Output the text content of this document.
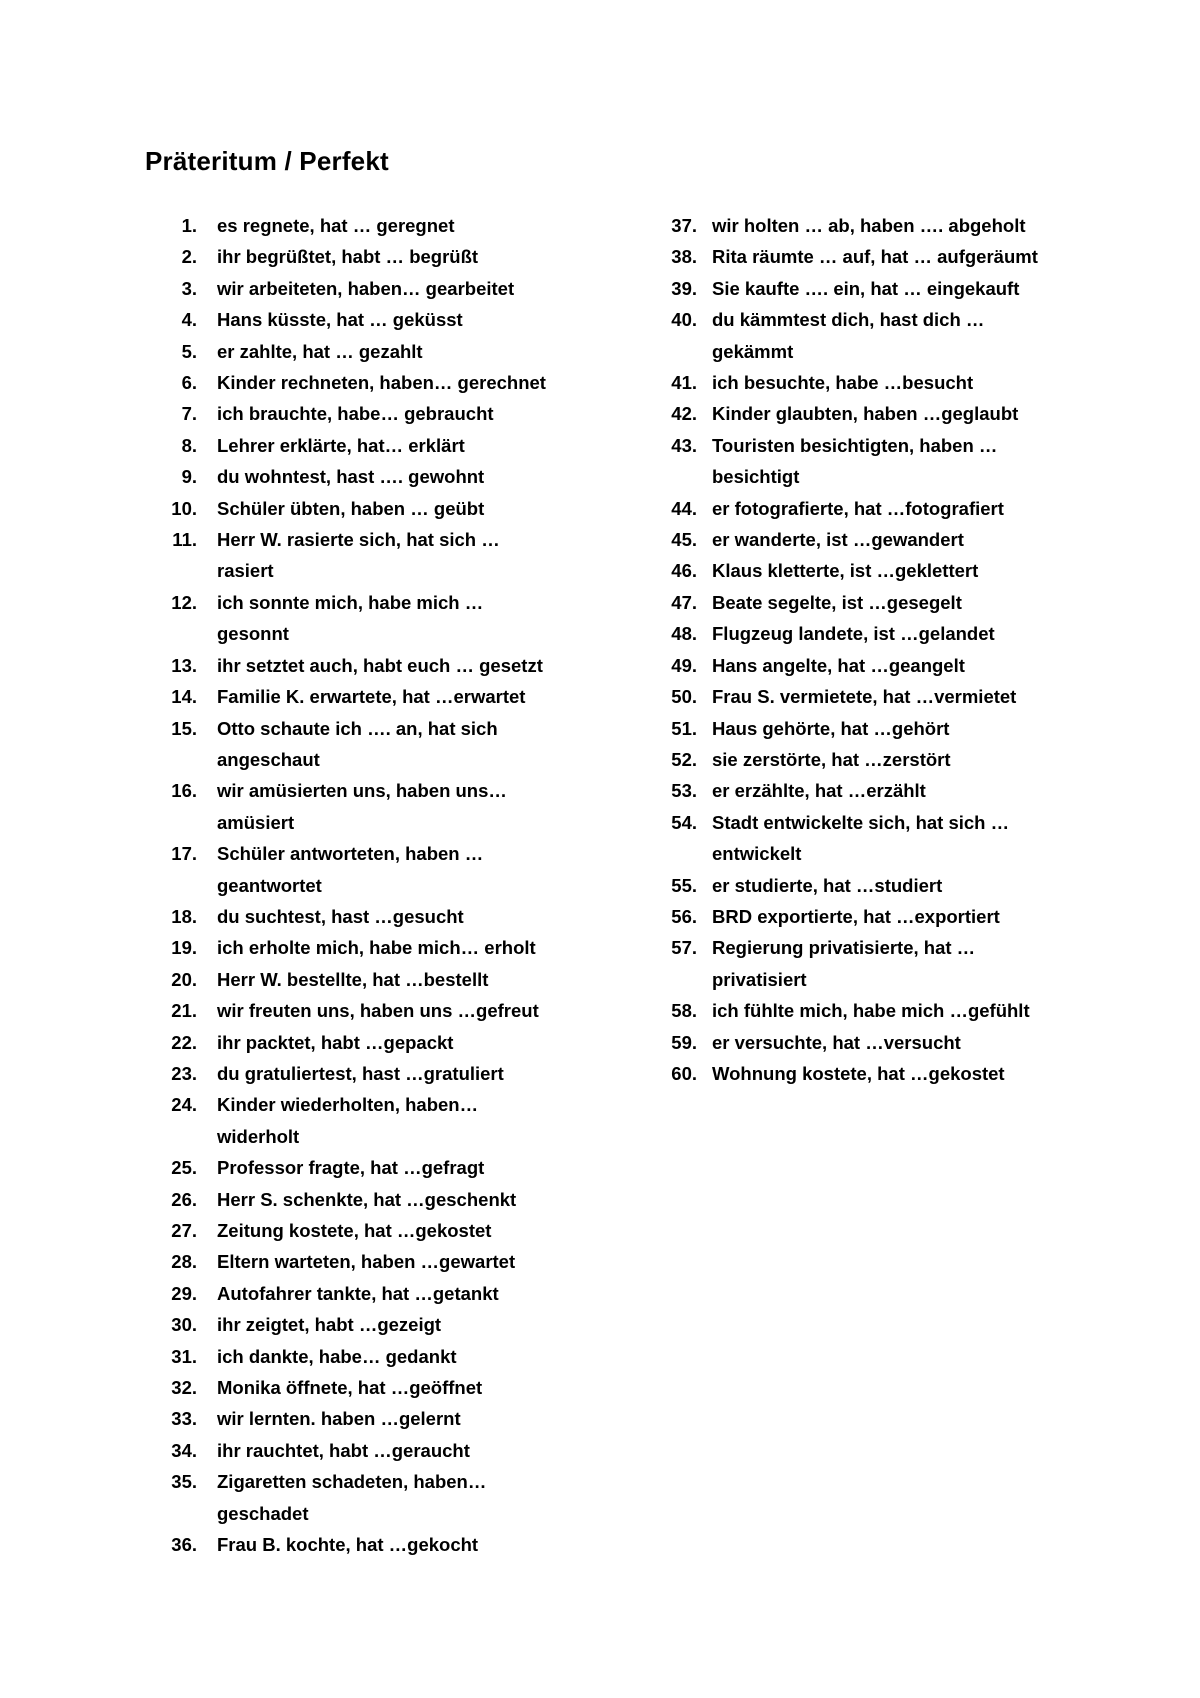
Präteritum / Perfekt
1. es regnete, hat … geregnet
2. ihr begrüßtet, habt … begrüßt
3. wir arbeiteten, haben… gearbeitet
4. Hans küsste, hat … geküsst
5. er zahlte, hat … gezahlt
6. Kinder rechneten, haben… gerechnet
7. ich brauchte, habe… gebraucht
8. Lehrer erklärte, hat… erklärt
9. du wohntest, hast …. gewohnt
10. Schüler übten, haben … geübt
11. Herr W. rasierte sich, hat sich …
rasiert
12. ich sonnte mich, habe mich …
gesonnt
13. ihr setztet auch, habt euch … gesetzt
14. Familie K. erwartete, hat …erwartet
15. Otto schaute ich …. an, hat sich
angeschaut
16. wir amüsierten uns, haben uns…
amüsiert
17. Schüler antworteten, haben …
geantwortet
18. du suchtest, hast …gesucht
19. ich erholte mich, habe mich… erholt
20. Herr W. bestellte, hat …bestellt
21. wir freuten uns, haben uns …gefreut
22. ihr packtet, habt …gepackt
23. du gratuliertest, hast …gratuliert
24. Kinder wiederholten, haben…
widerholt
25. Professor fragte, hat …gefragt
26. Herr S. schenkte, hat …geschenkt
27. Zeitung kostete, hat …gekostet
28. Eltern warteten, haben …gewartet
29. Autofahrer tankte, hat …getankt
30. ihr zeigtet, habt …gezeigt
31. ich dankte, habe… gedankt
32. Monika öffnete, hat …geöffnet
33. wir lernten. haben …gelernt
34. ihr rauchtet, habt …geraucht
35. Zigaretten schadeten, haben…
geschadet
36. Frau B. kochte, hat …gekocht
37. wir holten … ab, haben …. abgeholt
38. Rita räumte … auf, hat … aufgeräumt
39. Sie kaufte …. ein, hat … eingekauft
40. du kämmtest dich, hast dich …
gekämmt
41. ich besuchte, habe …besucht
42. Kinder glaubten, haben …geglaubt
43. Touristen besichtigten, haben …
besichtigt
44. er fotografierte, hat …fotografiert
45. er wanderte, ist …gewandert
46. Klaus kletterte, ist …geklettert
47. Beate segelte, ist …gesegelt
48. Flugzeug landete, ist …gelandet
49. Hans angelte, hat …geangelt
50. Frau S. vermietete, hat …vermietet
51. Haus gehörte, hat …gehört
52. sie zerstörte, hat …zerstört
53. er erzählte, hat …erzählt
54. Stadt entwickelte sich, hat sich …
entwickelt
55. er studierte, hat …studiert
56. BRD exportierte, hat …exportiert
57. Regierung privatisierte, hat …
privatisiert
58. ich fühlte mich, habe mich …gefühlt
59. er versuchte, hat …versucht
60. Wohnung kostete, hat …gekostet
